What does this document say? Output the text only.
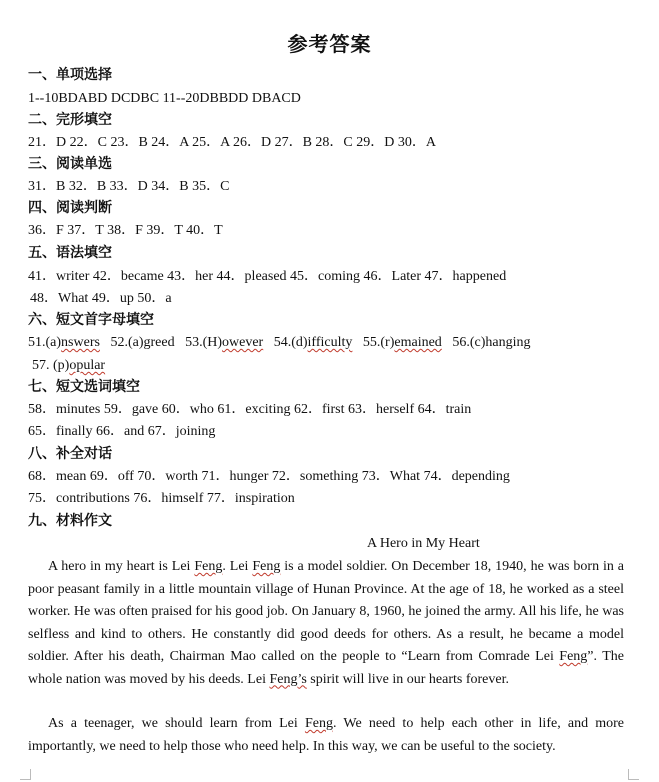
参考答案
一、单项选择
1--10BDABD DCDBC 11--20DBBDD DBACD
二、完形填空
21．D 22．C 23．B 24．A 25．A 26．D 27．B 28．C 29．D 30．A
三、阅读单选
31．B 32．B 33．D 34．B 35．C
四、阅读判断
36．F 37．T 38．F 39．T 40．T
五、语法填空
41．writer 42．became 43．her 44．pleased 45．coming 46．Later 47．happened
48．What 49．up 50．a
六、短文首字母填空
51.(a)nswers   52.(a)greed   53.(H)owever   54.(d)ifficulty   55.(r)emained   56.(c)hanging
57. (p)opular
七、短文选词填空
58．minutes 59．gave 60．who 61．exciting 62．first 63．herself 64．train
65．finally 66．and 67．joining
八、补全对话
68．mean 69．off 70．worth 71．hunger 72．something 73．What 74．depending
75．contributions 76．himself 77．inspiration
九、材料作文
A Hero in My Heart

A hero in my heart is Lei Feng. Lei Feng is a model soldier. On December 18, 1940, he was born in a poor peasant family in a little mountain village of Hunan Province. At the age of 18, he worked as a steel worker. He was often praised for his good job. On January 8, 1960, he joined the army. All his life, he was selfless and kind to others. He constantly did good deeds for others. As a result, he became a model soldier. After his death, Chairman Mao called on the people to “Learn from Comrade Lei Feng”. The whole nation was moved by his deeds. Lei Feng’s spirit will live in our hearts forever.

As a teenager, we should learn from Lei Feng. We need to help each other in life, and more importantly, we need to help those who need help. In this way, we can be useful to the society.
